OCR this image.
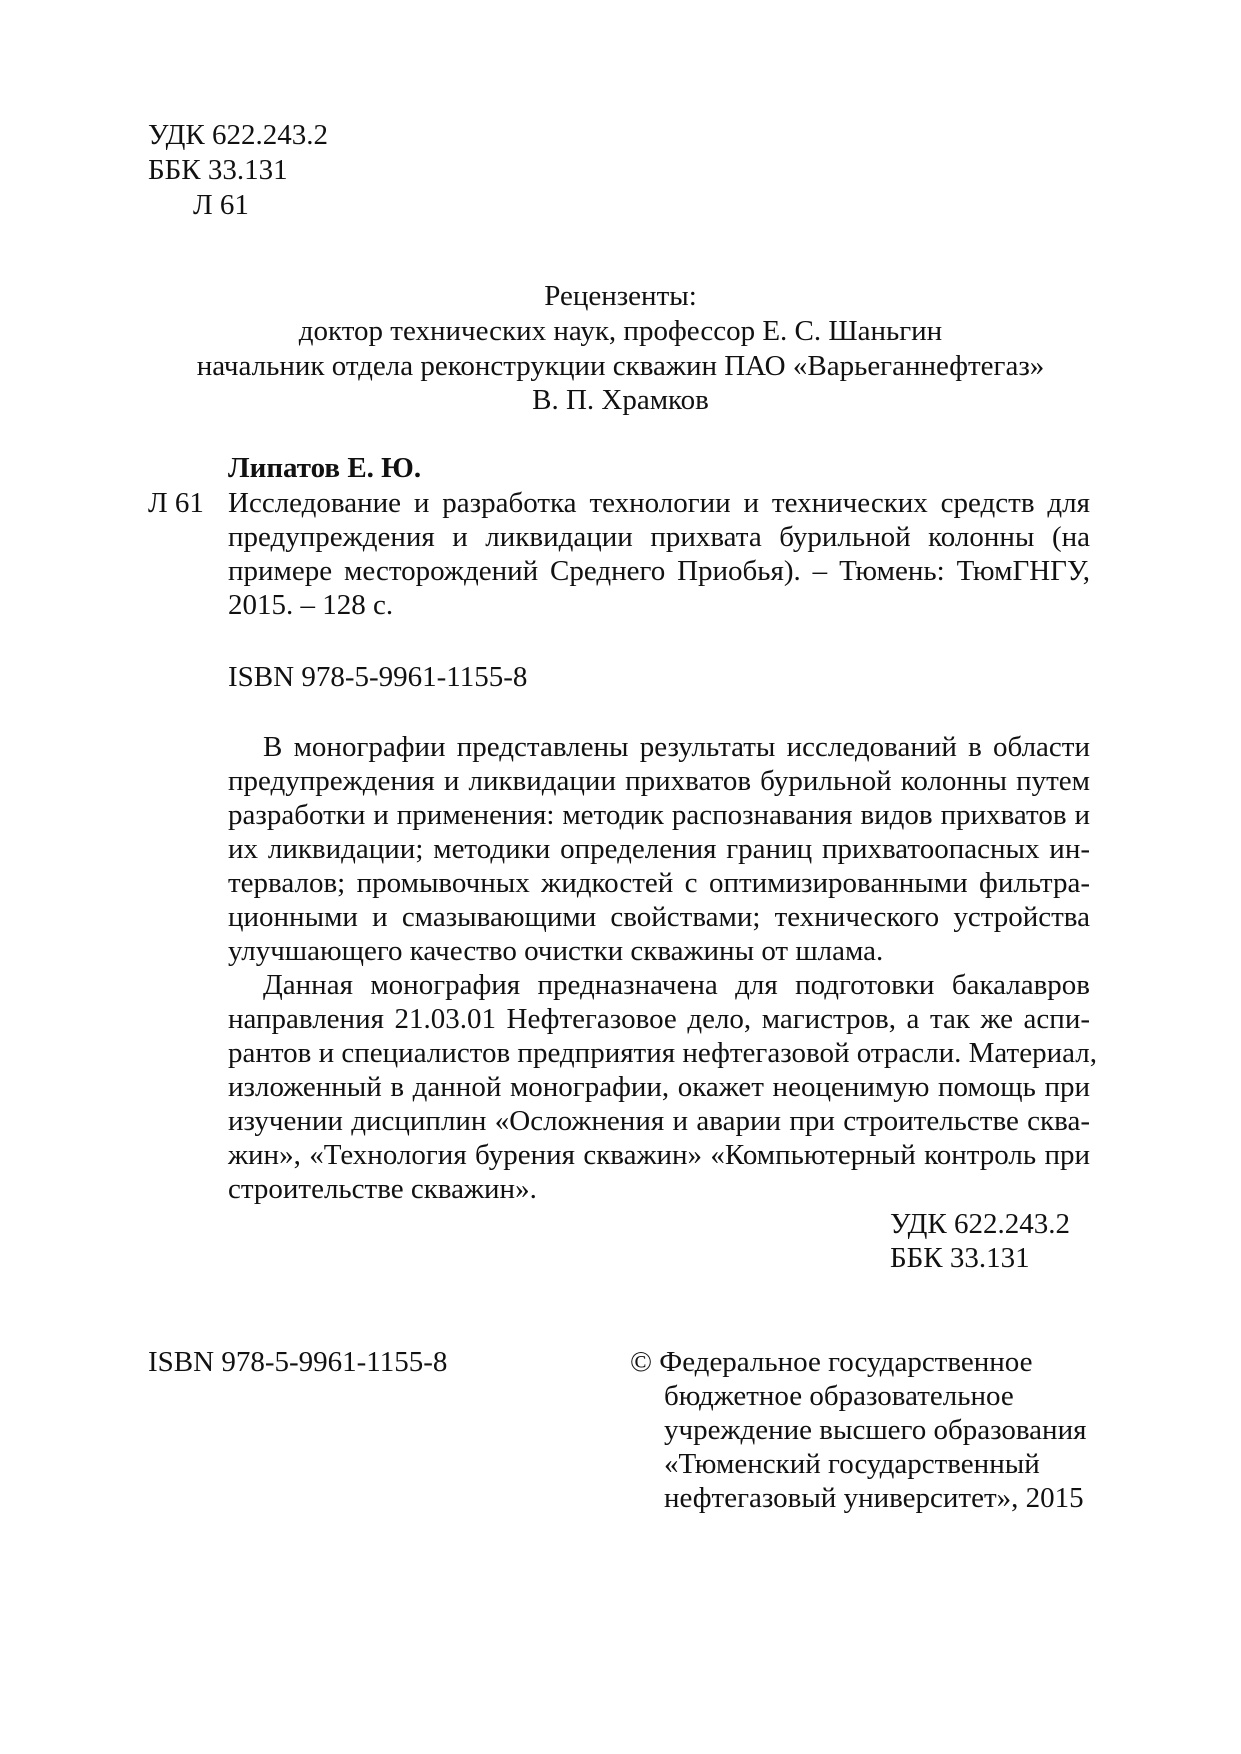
УДК 622.243.2
ББК 33.131
Л 61
Рецензенты:
доктор технических наук, профессор Е. С. Шаньгин
начальник отдела реконструкции скважин ПАО «Варьеганнефтегаз»
В. П. Храмков
Липатов Е. Ю.
Л 61 Исследование и разработка технологии и технических средств для
предупреждения и ликвидации прихвата бурильной колонны (на
примере месторождений Среднего Приобья). – Тюмень: ТюмГНГУ,
2015. – 128 с.
ISBN 978-5-9961-1155-8
В монографии представлены результаты исследований в области
предупреждения и ликвидации прихватов бурильной колонны путем
разработки и применения: методик распознавания видов прихватов и
их ликвидации; методики определения границ прихватоопасных ин-
тервалов; промывочных жидкостей с оптимизированными фильтра-
ционными и смазывающими свойствами; технического устройства
улучшающего качество очистки скважины от шлама.
Данная монография предназначена для подготовки бакалавров
направления 21.03.01 Нефтегазовое дело, магистров, а так же аспи-
рантов и специалистов предприятия нефтегазовой отрасли. Материал,
изложенный в данной монографии, окажет неоценимую помощь при
изучении дисциплин «Осложнения и аварии при строительстве сква-
жин», «Технология бурения скважин» «Компьютерный контроль при
строительстве скважин».
УДК 622.243.2
ББК 33.131
ISBN 978-5-9961-1155-8	© Федеральное государственное
бюджетное образовательное
учреждение высшего образования
«Тюменский государственный
нефтегазовый университет», 2015
